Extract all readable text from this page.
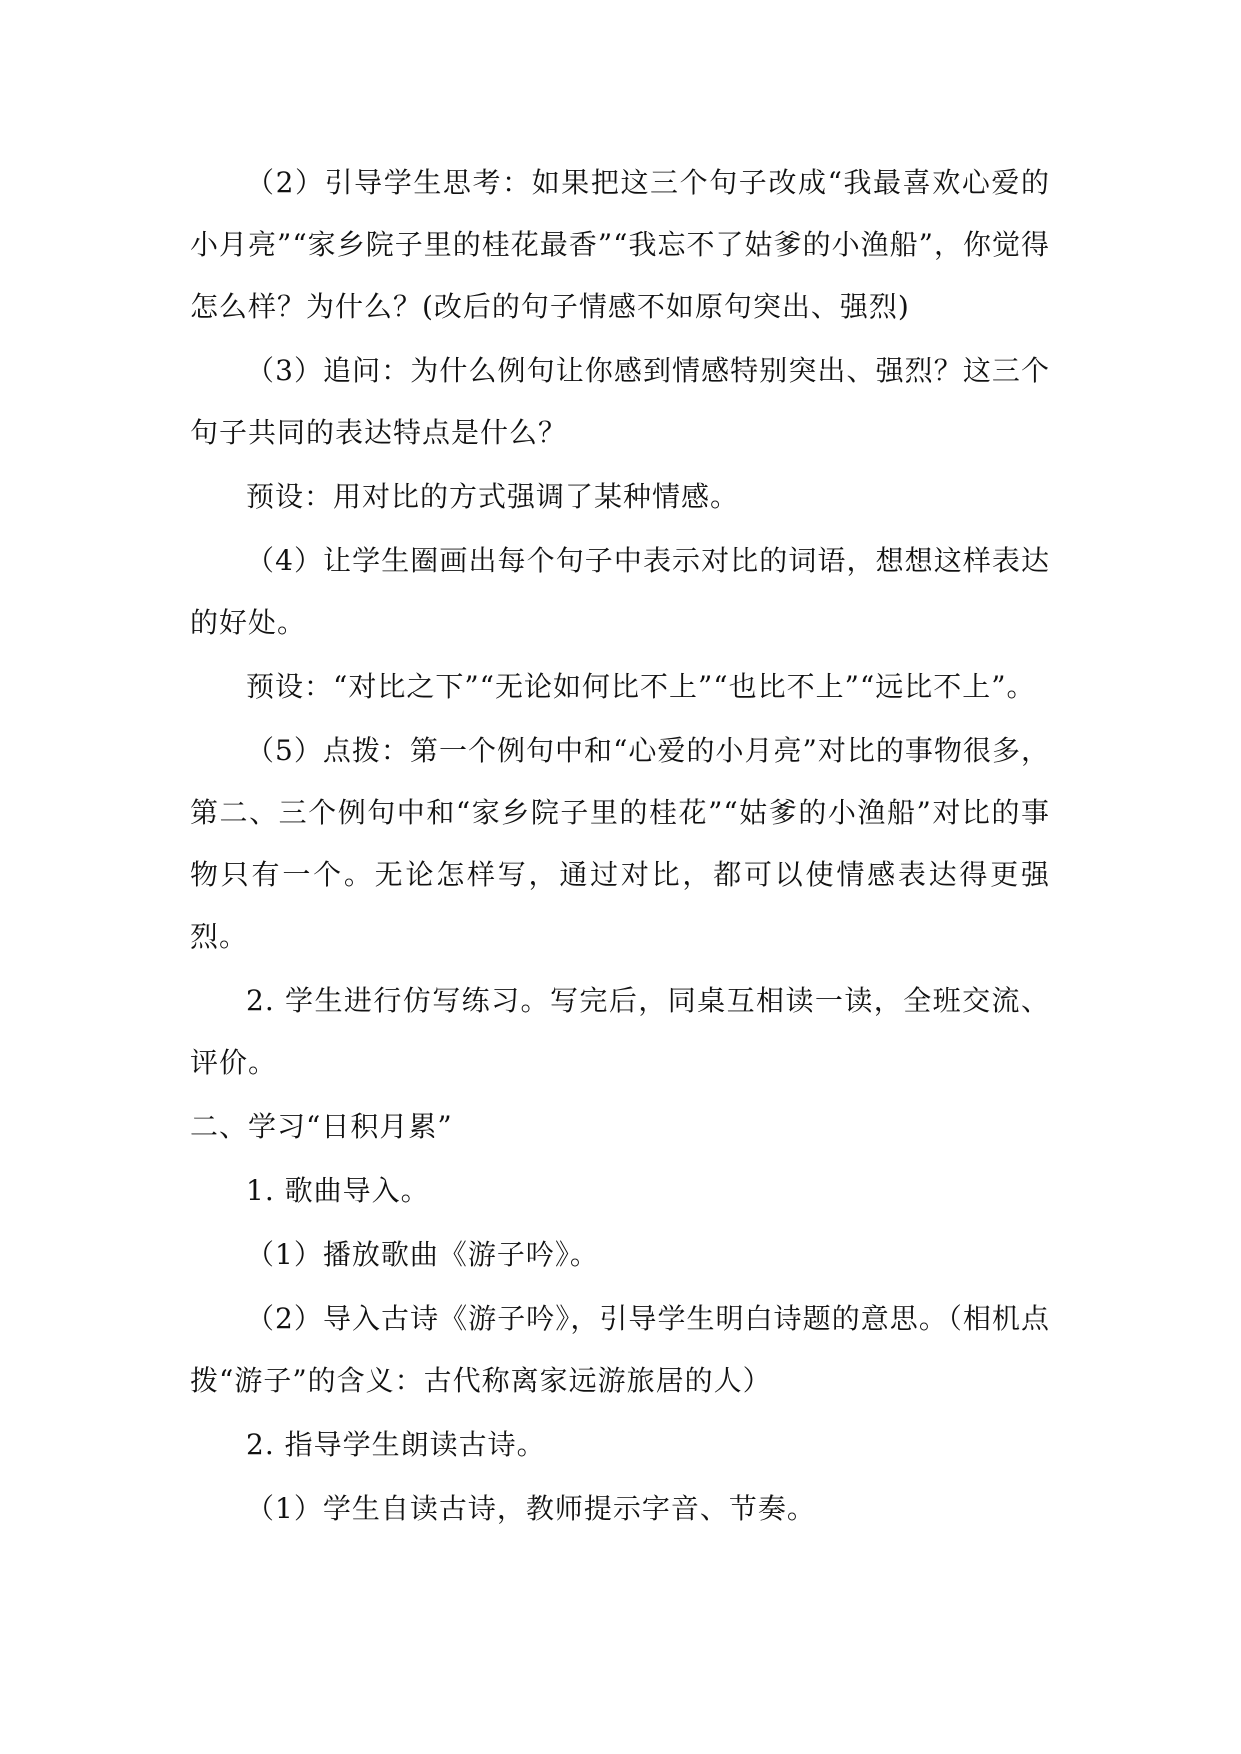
（2）引导学生思考：如果把这三个句子改成“我最喜欢心爱的小月亮”“家乡院子里的桂花最香”“我忘不了姑爹的小渔船”，你觉得怎么样？为什么？(改后的句子情感不如原句突出、强烈)

（3）追问：为什么例句让你感到情感特别突出、强烈？这三个句子共同的表达特点是什么？

预设：用对比的方式强调了某种情感。

（4）让学生圈画出每个句子中表示对比的词语，想想这样表达的好处。

预设：“对比之下”“无论如何比不上”“也比不上”“远比不上”。

（5）点拨：第一个例句中和“心爱的小月亮”对比的事物很多，第二、三个例句中和“家乡院子里的桂花”“姑爹的小渔船”对比的事物只有一个。无论怎样写，通过对比，都可以使情感表达得更强烈。

2. 学生进行仿写练习。写完后，同桌互相读一读，全班交流、评价。

二、学习“日积月累”

1. 歌曲导入。

（1）播放歌曲《游子吟》。

（2）导入古诗《游子吟》，引导学生明白诗题的意思。（相机点拨“游子”的含义：古代称离家远游旅居的人）

2. 指导学生朗读古诗。

（1）学生自读古诗，教师提示字音、节奏。
